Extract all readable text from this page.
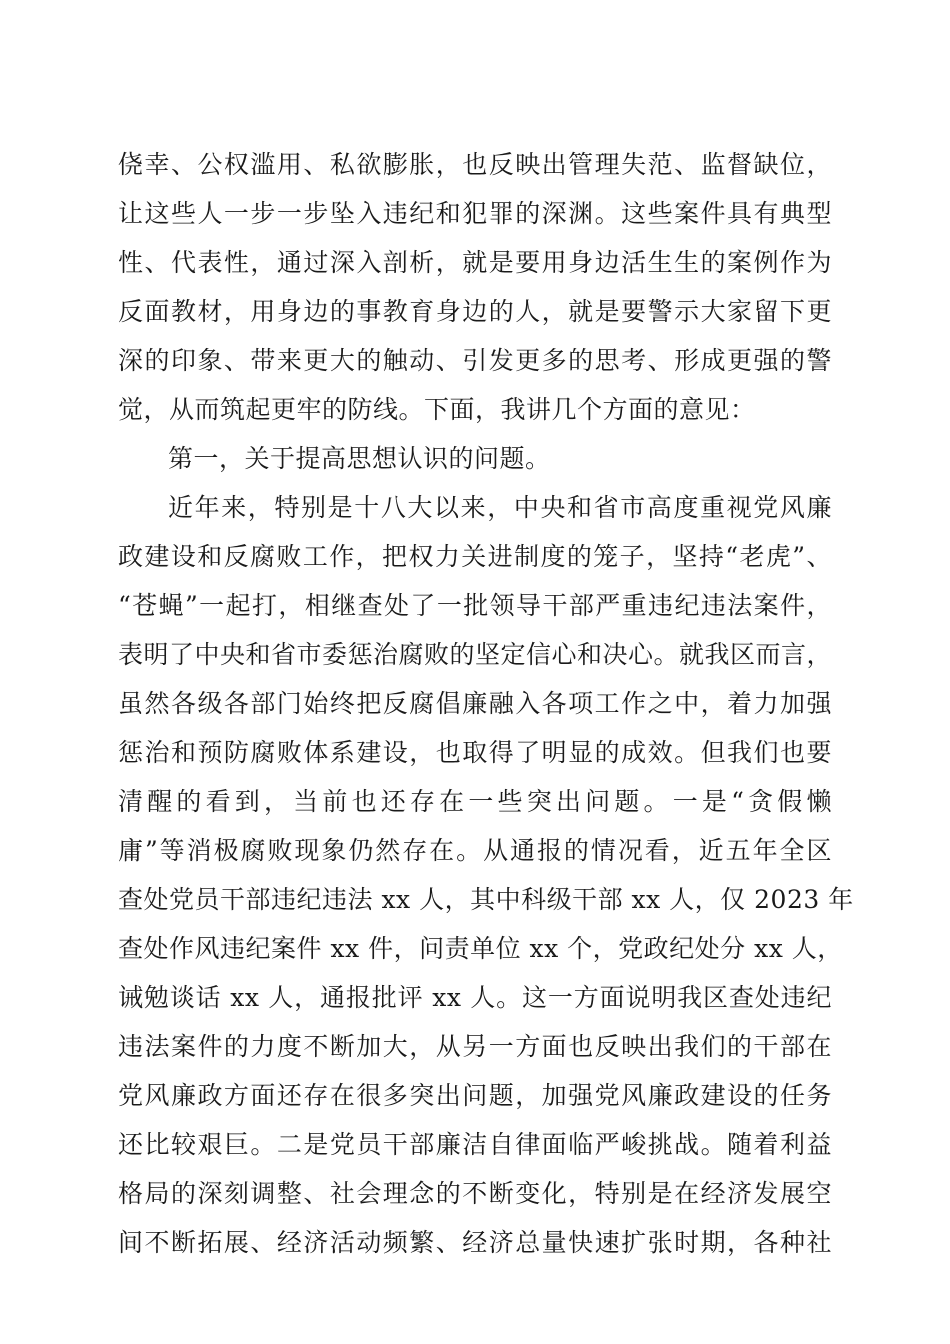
侥幸、公权滥用、私欲膨胀，也反映出管理失范、监督缺位，
让这些人一步一步坠入违纪和犯罪的深渊。这些案件具有典型
性、代表性，通过深入剖析，就是要用身边活生生的案例作为
反面教材，用身边的事教育身边的人，就是要警示大家留下更
深的印象、带来更大的触动、引发更多的思考、形成更强的警
觉，从而筑起更牢的防线。下面，我讲几个方面的意见：
第一，关于提高思想认识的问题。
近年来，特别是十八大以来，中央和省市高度重视党风廉
政建设和反腐败工作，把权力关进制度的笼子，坚持“老虎”、
“苍蝇”一起打，相继查处了一批领导干部严重违纪违法案件，
表明了中央和省市委惩治腐败的坚定信心和决心。就我区而言，
虽然各级各部门始终把反腐倡廉融入各项工作之中，着力加强
惩治和预防腐败体系建设，也取得了明显的成效。但我们也要
清醒的看到，当前也还存在一些突出问题。一是“贪假懒
庸”等消极腐败现象仍然存在。从通报的情况看，近五年全区
查处党员干部违纪违法 xx 人，其中科级干部 xx 人，仅 2023 年
查处作风违纪案件 xx 件，问责单位 xx 个，党政纪处分 xx 人，
诫勉谈话 xx 人，通报批评 xx 人。这一方面说明我区查处违纪
违法案件的力度不断加大，从另一方面也反映出我们的干部在
党风廉政方面还存在很多突出问题，加强党风廉政建设的任务
还比较艰巨。二是党员干部廉洁自律面临严峻挑战。随着利益
格局的深刻调整、社会理念的不断变化，特别是在经济发展空
间不断拓展、经济活动频繁、经济总量快速扩张时期，各种社
